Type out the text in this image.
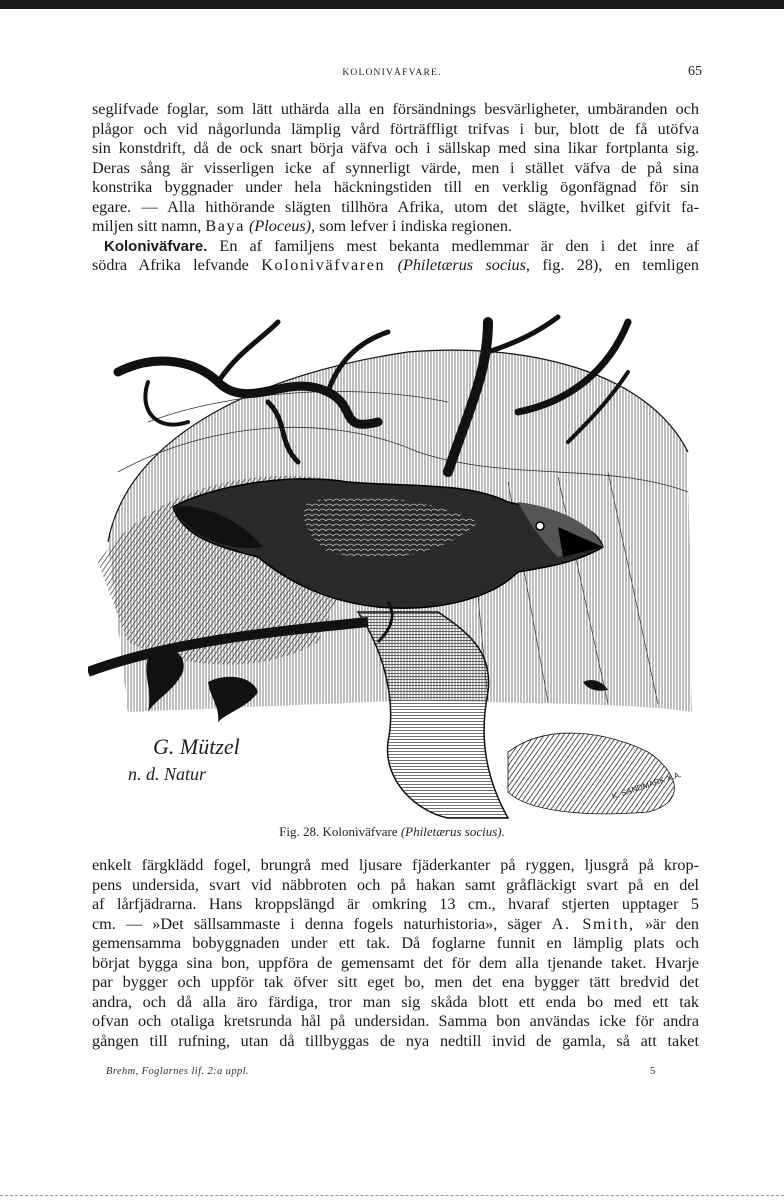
KOLONIVÅFVARE.	65
seglifvade foglar, som lätt uthärda alla en försändnings besvärligheter, umbäranden och
plågor och vid någorlunda lämplig vård förträffligt trifvas i bur, blott de få utöfva
sin konstdrift, då de ock snart börja väfva och i sällskap med sina likar fortplanta sig.
Deras sång är visserligen icke af synnerligt värde, men i stället väfva de på sina
konstrika byggnader under hela häckningstiden till en verklig ögonfägnad för sin
egare. — Alla hithörande slägten tillhöra Afrika, utom det slägte, hvilket gifvit fa-
miljen sitt namn, Baya (Ploceus), som lefver i indiska regionen.
Koloniväfvare. En af familjens mest bekanta medlemmar är den i det inre af
södra Afrika lefvande Koloniväfvaren (Philetærus socius, fig. 28), en temligen
G. Mützel
n. d. Natur	K. SANDMARK X.A.
Fig. 28. Koloniväfvare (Philetærus socius).
enkelt färgklädd fogel, brungrå med ljusare fjäderkanter på ryggen, ljusgrå på krop-
pens undersida, svart vid näbbroten och på hakan samt gråfläckigt svart på en del
af lårfjädrarna. Hans kroppslängd är omkring 13 cm., hvaraf stjerten upptager 5
cm. — »Det sällsammaste i denna fogels naturhistoria», säger A. Smith, »är den
gemensamma bobyggnaden under ett tak. Då foglarne funnit en lämplig plats och
börjat bygga sina bon, uppföra de gemensamt det för dem alla tjenande taket. Hvarje
par bygger och uppför tak öfver sitt eget bo, men det ena bygger tätt bredvid det
andra, och då alla äro färdiga, tror man sig skåda blott ett enda bo med ett tak
ofvan och otaliga kretsrunda hål på undersidan. Samma bon användas icke för andra
gången till rufning, utan då tillbyggas de nya nedtill invid de gamla, så att taket
Brehm, Foglarnes lif. 2:a uppl.	5
